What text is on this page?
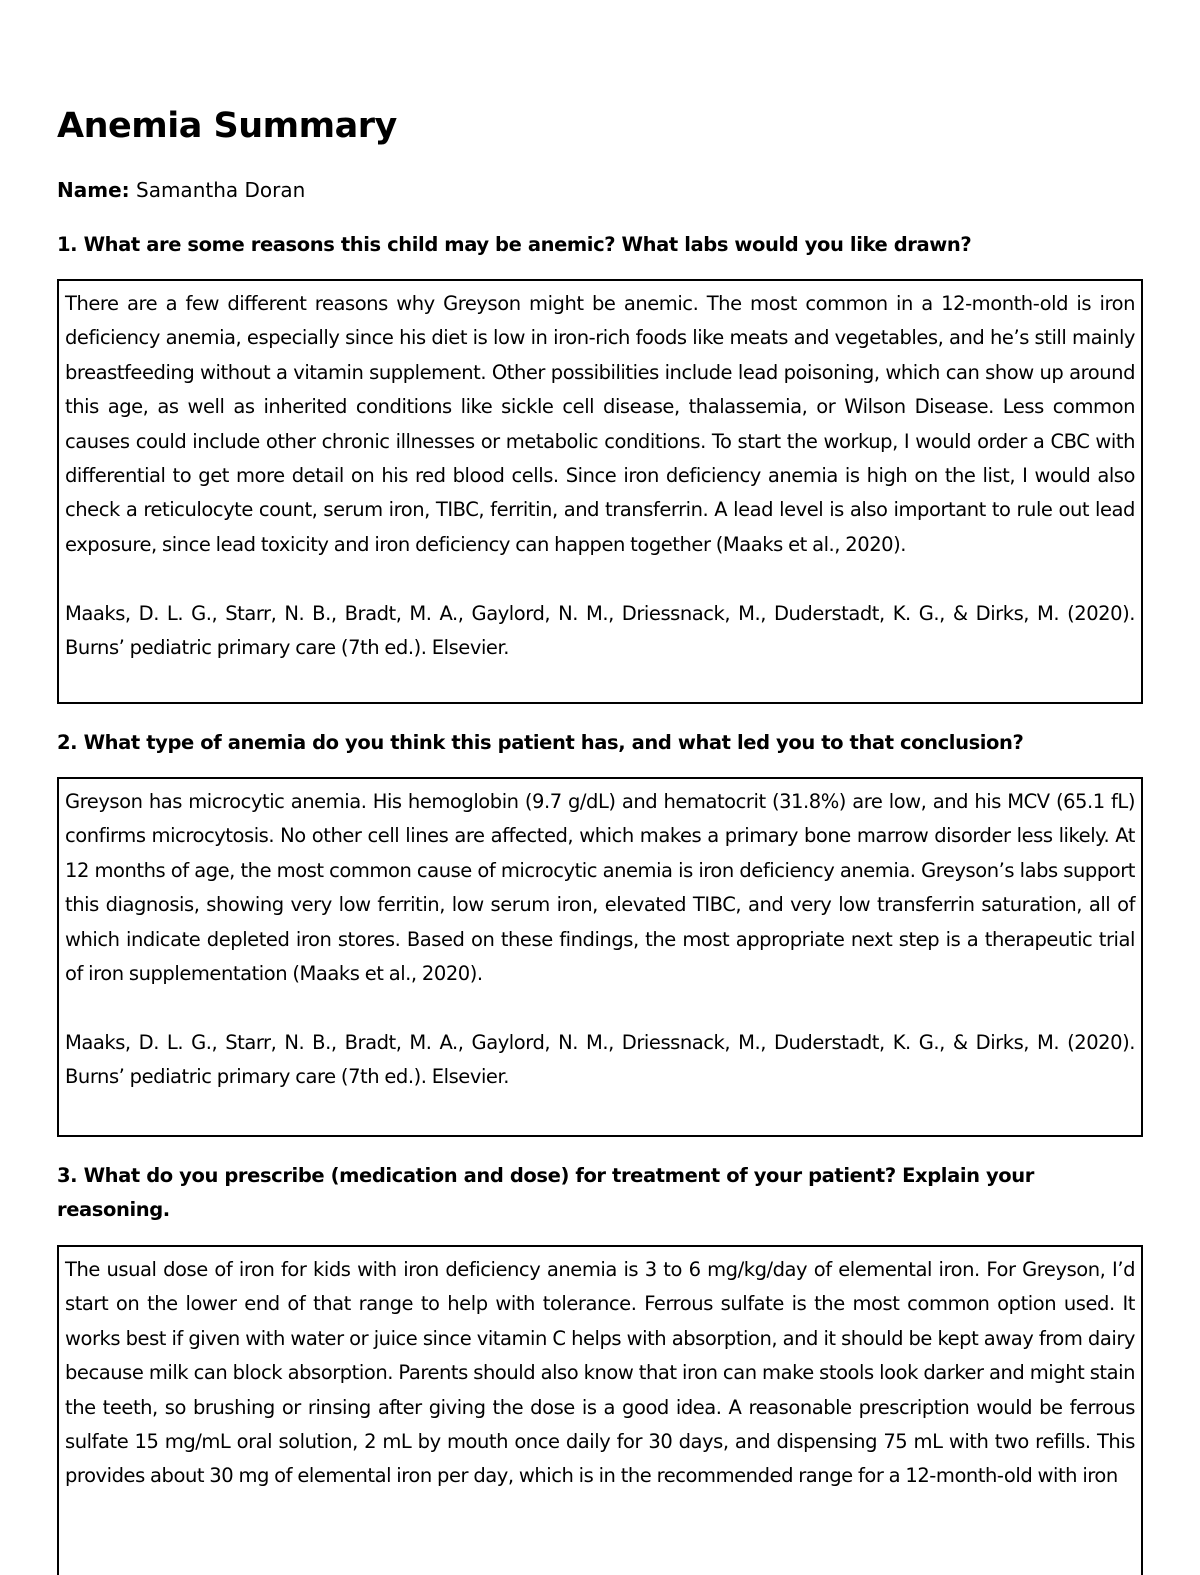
Anemia Summary
Name: Samantha Doran
1. What are some reasons this child may be anemic? What labs would you like drawn?

There are a few different reasons why Greyson might be anemic. The most common in a 12-month-old is iron deficiency anemia, especially since his diet is low in iron-rich foods like meats and vegetables, and he’s still mainly breastfeeding without a vitamin supplement. Other possibilities include lead poisoning, which can show up around this age, as well as inherited conditions like sickle cell disease, thalassemia, or Wilson Disease. Less common causes could include other chronic illnesses or metabolic conditions. To start the workup, I would order a CBC with differential to get more detail on his red blood cells. Since iron deficiency anemia is high on the list, I would also check a reticulocyte count, serum iron, TIBC, ferritin, and transferrin. A lead level is also important to rule out lead exposure, since lead toxicity and iron deficiency can happen together (Maaks et al., 2020).

Maaks, D. L. G., Starr, N. B., Bradt, M. A., Gaylord, N. M., Driessnack, M., Duderstadt, K. G., & Dirks, M. (2020). Burns’ pediatric primary care (7th ed.). Elsevier.

2. What type of anemia do you think this patient has, and what led you to that conclusion?

Greyson has microcytic anemia. His hemoglobin (9.7 g/dL) and hematocrit (31.8%) are low, and his MCV (65.1 fL) confirms microcytosis. No other cell lines are affected, which makes a primary bone marrow disorder less likely. At 12 months of age, the most common cause of microcytic anemia is iron deficiency anemia. Greyson’s labs support this diagnosis, showing very low ferritin, low serum iron, elevated TIBC, and very low transferrin saturation, all of which indicate depleted iron stores. Based on these findings, the most appropriate next step is a therapeutic trial of iron supplementation (Maaks et al., 2020).

Maaks, D. L. G., Starr, N. B., Bradt, M. A., Gaylord, N. M., Driessnack, M., Duderstadt, K. G., & Dirks, M. (2020). Burns’ pediatric primary care (7th ed.). Elsevier.

3. What do you prescribe (medication and dose) for treatment of your patient? Explain your reasoning.

The usual dose of iron for kids with iron deficiency anemia is 3 to 6 mg/kg/day of elemental iron. For Greyson, I’d start on the lower end of that range to help with tolerance. Ferrous sulfate is the most common option used. It works best if given with water or juice since vitamin C helps with absorption, and it should be kept away from dairy because milk can block absorption. Parents should also know that iron can make stools look darker and might stain the teeth, so brushing or rinsing after giving the dose is a good idea. A reasonable prescription would be ferrous sulfate 15 mg/mL oral solution, 2 mL by mouth once daily for 30 days, and dispensing 75 mL with two refills. This provides about 30 mg of elemental iron per day, which is in the recommended range for a 12-month-old with iron
